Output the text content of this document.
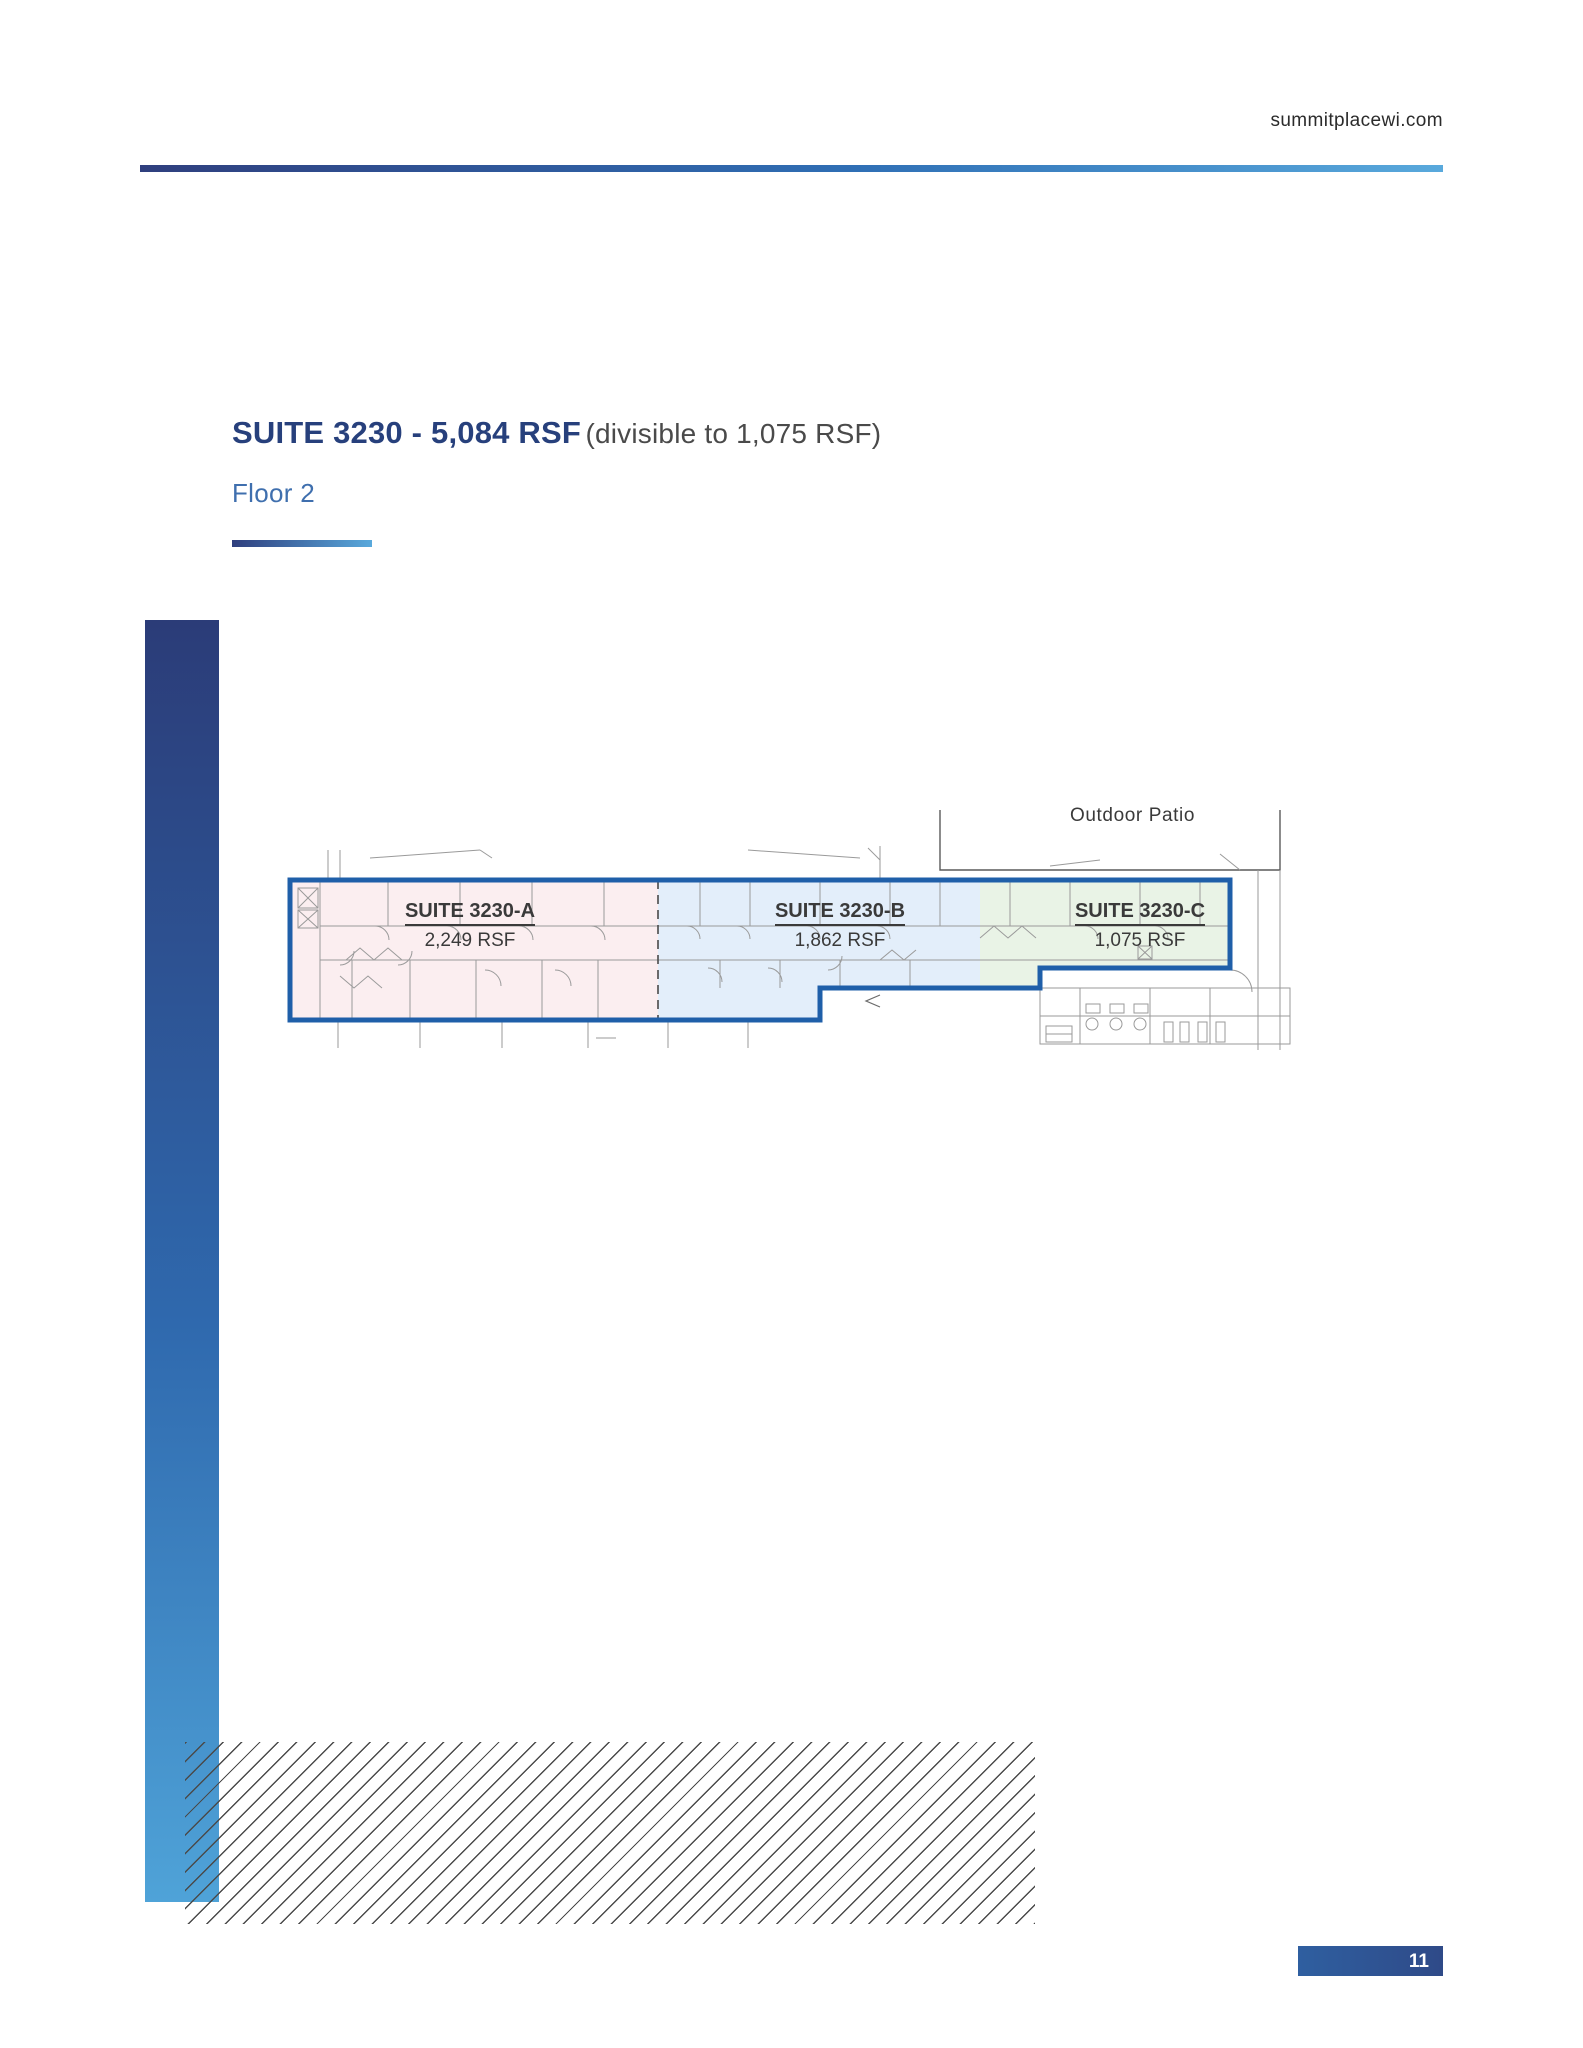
summitplacewi.com
SUITE 3230 - 5,084 RSF (divisible to 1,075 RSF)
Floor 2
SUITE 3230-A
2,249 RSF
SUITE 3230-B
1,862 RSF
SUITE 3230-C
1,075 RSF
Outdoor Patio
11
